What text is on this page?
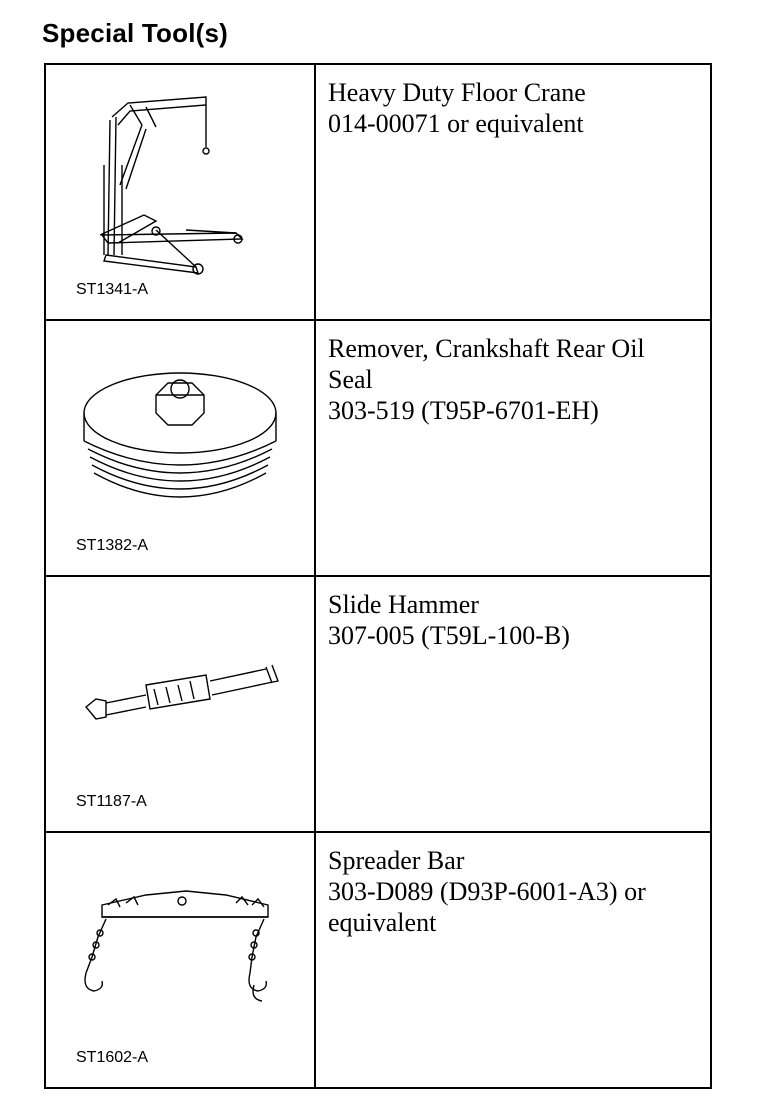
Special Tool(s)
ST1341-A	Heavy Duty Floor Crane
014-00071 or equivalent

ST1382-A	Remover, Crankshaft Rear Oil
Seal
303-519 (T95P-6701-EH)

ST1187-A	Slide Hammer
307-005 (T59L-100-B)

ST1602-A	Spreader Bar
303-D089 (D93P-6001-A3) or
equivalent
